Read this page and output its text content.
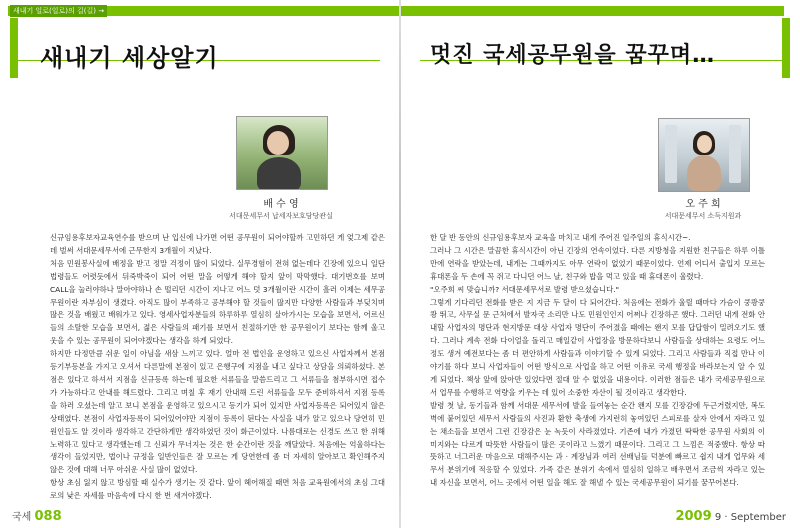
새내기 일로(일로)의 길(길) →
새내기 세상알기
배 수 영
서대문세무서 납세자보호담당관실

신규임용후보자교육연수를 받으며 난 입신에 나가면 어떤 공무원이 되어야할까 고민하던 게 엊그제 같은데 벌써 서대문세무서에 근무한지 3개월이 지났다.

처음 민원봉사실에 배정을 받고 정말 걱정이 많이 되었다. 실무경험이 전혀 없는데다 긴장에 있으니 일단 법령들도 어렷듯에서 뒤죽박죽이 되어 어떤 말을 어떻게 해야 할지 앞이 막막했다. 대기번호를 보며 CALL을 눌러야하나 말아야하나 손 떨리던 시간이 지나고 어느 덧 3개월이란 시간이 흘러 이제는 세무공무원이란 자부심이 생겼다. 아직도 많이 부족하고 공부해야 할 것들이 많지만 다양한 사람들과 부딪치며 많은 것을 배웠고 배워가고 있다. 영세사업자분들의 하루하루 열심히 살아가시는 모습을 보면서, 어르신들의 소탈한 모습을 보면서, 젊은 사람들의 패기를 보면서 친절하기만 한 공무원이기 보다는 함께 울고 웃을 수 있는 공무원이 되어야겠다는 생각을 하게 되었다.

하지만 다정만큼 쉬운 일이 아님을 새삼 느끼고 있다. 얼마 전 법인을 운영하고 있으신 사업자께서 본점 등기부등본을 가지고 오셔서 다른말에 본점이 있고 은행구에 지점을 내고 싶다고 상담을 의뢰하셨다. 본점은 있다고 하셔서 지점을 신규등록 하는데 필요한 서류들을 말씀드리고 그 서류들을 첨부하시면 접수가 가능하다고 안내를 해드렸다. 그리고 며칠 후 재기 안내해 드린 서류들을 모두 준비하셔서 지점 등록을 하러 오셨는데 알고 보니 본점을 운영하고 있으시고 등기가 되어 있지만 사업자등록은 되어있지 않은 상태였다. 본점이 사업자등록이 되어있어야만 지점이 등록이 된다는 사실을 내가 알고 있으나 당연히 민원인들도 알 것이라 생각하고 간단하게만 생각하였던 것이 화근이었다. 나름대로는 신경도 쓰고 한 위해 노력하고 있다고 생각했는데 그 신뢰가 무너지는 것은 한 순간이란 것을 깨달았다. 처음에는 억울하다는 생각이 들었지만, 법이나 규정을 일반인들은 잘 모르는 게 당연한데 좀 더 자세히 알아보고 확인해주지 않은 것에 대해 너무 아쉬운 사실 많이 없었다.

항상 초심 잃지 않고 방심할 때 실수가 생기는 것 같다. 앞이 헤어해질 때면 처음 교육원에서의 초심 그대로의 낮은 자세를 마음속에 다시 한 번 새겨야겠다.

국세 088
멋진 국세공무원을 꿈꾸며…
오 주 희
서대문세무서 소득지원과

한 달 반 동안의 신규임용후보자 교육을 마치고 내게 주어진 일주일의 휴식시간~.

그러나 그 시간은 말끔한 휴식시간이 아닌 긴장의 연속이었다. 다른 지방청을 지원한 친구들은 하루 이틀 만에 연락을 받았는데, 내게는 그때까지도 아무 연락이 없었기 때문이었다. 언제 어디서 출입지 모르는 휴대폰을 두 손에 꼭 쥐고 다니던 어느 날, 친구와 밥을 먹고 있을 때 휴대폰이 울렸다.

"오주희 씨 맞습니까? 서대문세무서로 발령 받으셨습니다."

그렇게 기다리던 전화를 받은 지 지금 두 달이 다 되어간다. 처음에는 전화가 울릴 때마다 가슴이 쿵쾅쿵쾅 뛰고, 사무실 문 근처에서 발자국 소리만 나도 민원인인지 어쩌나 긴장하곤 했다. 그러던 내게 전화 안내할 사업자의 명단과 현지방문 대상 사업자 명단이 주어졌을 때에는 왠지 모를 답답함이 밀려오기도 했다. 그러나 계속 전화 다이얼을 돌리고 매일같이 사업장을 방문하다보니 사람들을 상대하는 요령도 어느 정도 생겨 예전보다는 좀 더 편안하게 사람들과 이야기할 수 있게 되었다. 그리고 사람들과 직접 만나 이야기를 하다 보니 사업자들이 어떤 방식으로 사업을 하고 어떤 이유로 국세 행정을 바라보는지 알 수 있게 되었다. 책상 앞에 앉아만 있었다면 절대 알 수 없었을 내용이다. 이러한 점들은 내가 국세공무원으로서 업무를 수행하고 역량을 키우는 데 있어 소중한 자산이 될 것이라고 생각한다.

발령 첫 날, 동기들과 함께 서대문 세무서에 발을 들여놓는 순간 왠지 모를 긴장감에 두근거렸지만, 복도 벽에 붙어있던 세무서 사람들의 사진과 환한 축생에 가지런히 놓여있던 스피로를 살자 안에서 자라고 있는 채소들을 보면서 그런 긴장감은 눈 녹듯이 사라졌었다. 기존에 내가 가졌던 딱딱한 공무원 사회의 이미지와는 다르게 따뜻한 사람들이 많은 곳이라고 느꼈기 때문이다. 그리고 그 느낌은 적중했다. 항상 따뜻하고 너그러운 마음으로 대해주시는 과 · 계장님과 여러 선배님들 덕분에 빠르고 쉽지 내게 업무와 세무서 분위기에 적응할 수 있었다. 가족 같은 분위기 속에서 열심히 일하고 배우면서 조금씩 자라고 있는 내 자신을 보면서, 어느 곳에서 어떤 일을 해도 잘 해낼 수 있는 국세공무원이 되기를 꿈꾸어본다.

2009 9 · September
